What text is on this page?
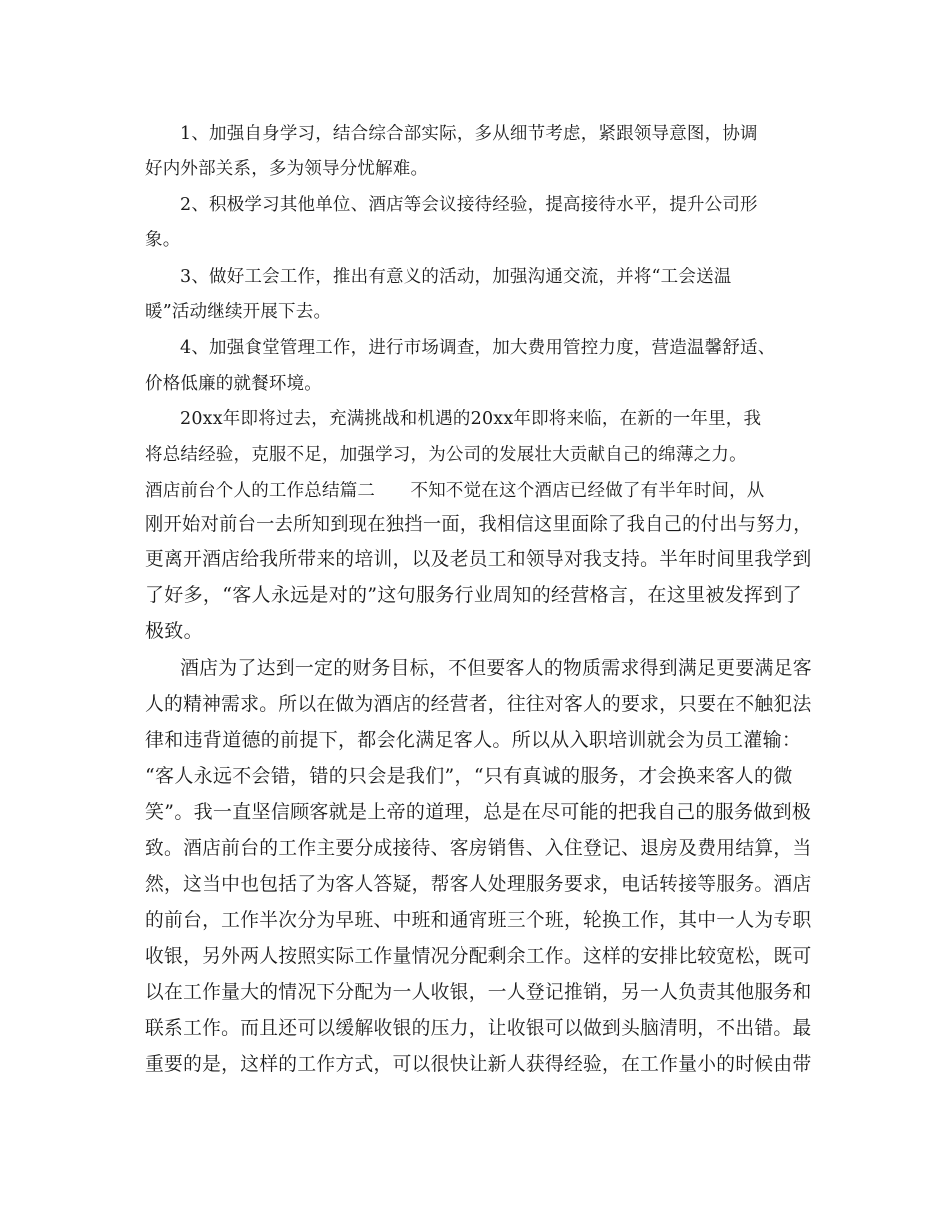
1、加强自身学习，结合综合部实际，多从细节考虑，紧跟领导意图，协调
好内外部关系，多为领导分忧解难。
2、积极学习其他单位、酒店等会议接待经验，提高接待水平，提升公司形
象。
3、做好工会工作，推出有意义的活动，加强沟通交流，并将“工会送温
暖”活动继续开展下去。
4、加强食堂管理工作，进行市场调查，加大费用管控力度，营造温馨舒适、
价格低廉的就餐环境。
20xx年即将过去，充满挑战和机遇的20xx年即将来临，在新的一年里，我
将总结经验，克服不足，加强学习，为公司的发展壮大贡献自己的绵薄之力。
酒店前台个人的工作总结篇二　　不知不觉在这个酒店已经做了有半年时间，从
刚开始对前台一去所知到现在独挡一面，我相信这里面除了我自己的付出与努力，
更离开酒店给我所带来的培训，以及老员工和领导对我支持。半年时间里我学到
了好多，“客人永远是对的”这句服务行业周知的经营格言，在这里被发挥到了
极致。
酒店为了达到一定的财务目标，不但要客人的物质需求得到满足更要满足客
人的精神需求。所以在做为酒店的经营者，往往对客人的要求，只要在不触犯法
律和违背道德的前提下，都会化满足客人。所以从入职培训就会为员工灌输：
“客人永远不会错，错的只会是我们”，“只有真诚的服务，才会换来客人的微
笑”。我一直坚信顾客就是上帝的道理，总是在尽可能的把我自己的服务做到极
致。酒店前台的工作主要分成接待、客房销售、入住登记、退房及费用结算，当
然，这当中也包括了为客人答疑，帮客人处理服务要求，电话转接等服务。酒店
的前台，工作半次分为早班、中班和通宵班三个班，轮换工作，其中一人为专职
收银，另外两人按照实际工作量情况分配剩余工作。这样的安排比较宽松，既可
以在工作量大的情况下分配为一人收银，一人登记推销，另一人负责其他服务和
联系工作。而且还可以缓解收银的压力，让收银可以做到头脑清明，不出错。最
重要的是，这样的工作方式，可以很快让新人获得经验，在工作量小的时候由带
